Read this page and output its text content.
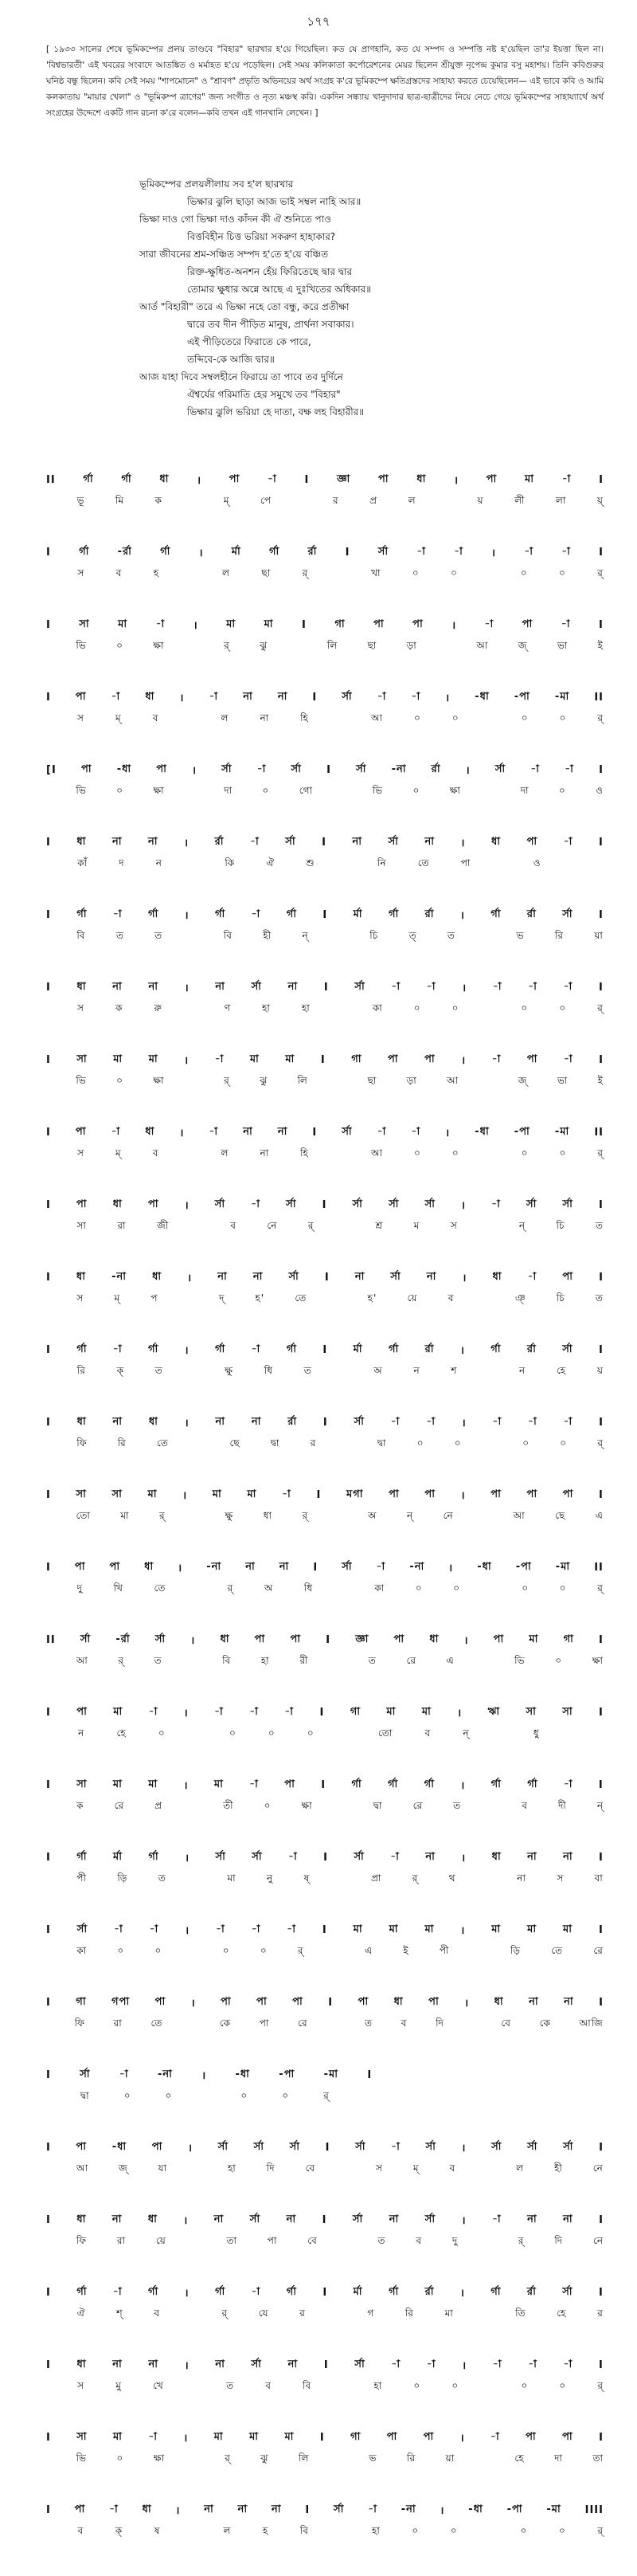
১৭৭
[ ১৯৩৩ সালের শেষে ভূমিকম্পের প্রলয় তাণ্ডবে "বিহার" ছারখার হ'য়ে গিয়েছিল। কত যে প্রাণহানি, কত যে সম্পদ ও সম্পত্তি নষ্ট হ'য়েছিল তা'র ইয়ত্তা ছিল না। 'বিশ্বভারতী' এই খবরের সংবাদে আতঙ্কিত ও মর্মাহত হ'য়ে পড়েছিল। সেই সময় কলিকাতা কর্পোরেশনের মেয়র ছিলেন শ্রীযুক্ত নৃপেন্দ্র কুমার বসু মহাশয়। তিনি কবিগুরুর ঘনিষ্ঠ বন্ধু ছিলেন। কবি সেই সময় "শাপমোচন" ও "শ্রাবণ" প্রভৃতি অভিনয়ের অর্থ সংগ্রহ ক'রে ভূমিকম্পে ক্ষতিগ্রস্তদের সাহায্য করতে চেয়েছিলেন— এই ভাবে কবি ও আমি কলকাতায় "মায়ার খেলা" ও "ভূমিকম্প ত্রাণের" জন্য সংগীত ও নৃত্য মঞ্চস্থ করি। একদিন সন্ধ্যায় খানুদাদার ছাত্র-ছাত্রীদের নিয়ে নেচে গেয়ে ভূমিকম্পের সাহায্যার্থে অর্থ সংগ্রহের উদ্দেশে একটি গান রচনা ক'রে বলেন—কবি তখন এই গানখানি লেখেন। ]
ভূমিকম্পের প্রলয়লীলায় সব হ'ল ছারখার
ভিক্ষার ঝুলি ছাড়া আজ ভাই সম্বল নাহি আর॥
ভিক্ষা দাও গো ভিক্ষা দাও কাঁদন কী ঐ শুনিতে পাও
বিত্তবিহীন চিত্ত ভরিয়া সকরুণ হাহাকার?
সারা জীবনের শ্রম-সঞ্চিত সম্পদ হ'তে হ'য়ে বঞ্চিত
রিক্ত-ক্ষুধিত-অনশন হেঁয় ফিরিতেছে দ্বার দ্বার
তোমার ক্ষুধার অন্নে আছে এ দুঃখিতের অধিকার॥
আর্ত "বিহারী" তরে এ ভিক্ষা নহে তো বন্ধু, করে প্রতীক্ষা
দ্বারে তব দীন পীড়িত মানুষ, প্রার্থনা সবাকার।
এই পীড়িতেরে ফিরাতে কে পারে,
তব্দিবে-কে আজি দ্বার॥
আজ যাহা দিবে সম্বলহীনে ফিরায়ে তা পাবে তব দুর্দিনে
ঐশ্বর্যের গরিমাতি হের সমুখে তব "বিহার"
ভিক্ষার ঝুলি ভরিয়া হে দাতা, বক্ষ লহ বিহারীর॥
II	র্গা	র্গা	ধা	।	পা	-া	I	জ্ঞা	পা	ধা	।	পা	মা	-া	I
ভূ	মি	ক	ম্	পে	র	প্র	ল	য়	লী	লা	য়্
I	র্গা	-র্রা	র্গা	।	র্মা	র্গা	র্রা	I	র্সা	-া	-া	।	-া	-া	I
স	ব	হ	ল	ছা	র্	খা	০	০	০	০	র্
I	সা	মা	-া	।	মা	মা	I	গা	পা	পা	।	-া	পা	-া	I
ভি	০	ক্ষা	র্	ঝু	লি	ছা	ড়া	আ	জ্	ভা	ই
I পা -া ধা । -া না না I র্সা -া -া । -ধা -পা -মা II
স	ম্	ব	ল	না	হি	আ	০	০	০	০	র্
[I পা -ধা পা । র্সা -া র্সা I র্সা -না র্রা । র্সা -া -া I
ভি	০	ক্ষা	দা	০	গো	ভি	০	ক্ষা	দা	০	ও
I	ধা	না	না	।	র্রা	-া	র্সা	I	না	র্সা	না	।	ধা	পা	-া	I
কাঁ	দ	ন	কি	ঐ	শু	নি	তে	পা	ও
I র্গা -া র্গা । র্গা -া র্গা I র্মা র্গা র্রা । র্গা র্রা র্সা I
বি	ত	ত	বি	হী	ন্	চি	ত্	ত	ভ	রি	য়া
I	ধা	না	না	।	না	র্সা	না	I	র্সা	-া	-া	।	-া	-া	-া	I
স	ক	রু	ণ	হা	হা	কা	০	০	০	০	র্
I	সা	মা	মা	।	-া	মা	মা	I	গা	পা	পা	।	-া	পা	-া	I
ভি	০	ক্ষা	র্	ঝু	লি	ছা	ড়া	আ	জ্	ভা	ই
I পা -া ধা । -া না না I র্সা -া -া । -ধা -পা -মা II
স	ম্	ব	ল	না	হি	আ	০	০	০	০	র্
I পা ধা পা । র্সা -া র্সা I র্সা র্সা র্সা । -া র্সা র্সা I
সা	রা	জী	ব	নে	র্	শ্র	ম	স	ন্	চি	ত
I ধা -না ধা । না না র্সা I না র্সা না । ধা -া পা I
স	ম্	প	দ্	হ'	তে	হ'	য়ে	ব	ঞ্	চি	ত
I র্গা -া র্গা । র্গা -া র্গা I র্মা র্গা র্রা । র্গা র্রা র্সা I
রি	ক্	ত	ক্ষু	ধি	ত	অ	ন	শ	ন	হে	য়
I	ধা	না	ধা	।	না	না	র্রা	I	র্সা	-া	-া	।	-া	-া	-া	I
ফি	রি	তে	ছে	দ্বা	র	দ্বা	০	০	০	০	র্
I সা সা মা । মা মা -া I মগা পা পা । পা পা পা I
তো	মা	র্	ক্ষু	ধা	র্	অ	ন্	নে	আ	ছে	এ
I পা পা ধা । -না না না I র্সা -া -না । -ধা -পা -মা II
দু	খি	তে	র্	অ	ধি	কা	০	০	০	০	র্
II র্সা -র্রা র্সা । ধা পা পা I জ্ঞা পা ধা । পা মা গা I
আ	র্	ত	বি	হা	রী	ত	রে	এ	ভি	০	ক্ষা
I পা মা -া । -া -া -া I গা মা মা । ঋা সা সা I
ন	হে	০	০	০	০	তো	ব	ন্	ধু
I সা মা মা । মা -া পা I র্গা র্গা র্গা । র্গা র্গা -া I
ক	রে	প্র	তী	০	ক্ষা	দ্বা	রে	ত	ব	দী	ন্
I র্গা র্মা র্গা । র্সা র্সা -া I র্সা -া না । ধা না না I
পী	ড়ি	ত	মা	নু	ষ্	প্রা	র্	থ	না	স	বা
I	র্সা	-া	-া	।	-া	-া	-া	I	মা	মা	মা	।	মা	মা	মা	I
কা	০	০	০	০	র্	এ	ই	পী	ড়ি	তে	রে
I গা গপা পা । পা পা পা I পা ধা পা । ধা না না I
ফি	রা	তে	কে	পা	রে	ত	ব	দি	বে	কে	আজি
I	র্সা	-া	-না	।	-ধা	-পা	-মা	I
দ্বা	০	০	০	০	র্
I পা -ধা পা । র্সা র্সা র্সা I র্সা -া র্সা । র্সা র্সা র্সা I
আ	জ্	যা	হা	দি	বে	স	ম্	ব	ল	হী	নে
I ধা না ধা । না র্সা না I র্সা না র্সা । -া না না I
ফি	রা	য়ে	তা	পা	বে	ত	ব	দু	র্	দি	নে
I র্গা -া র্গা । র্গা -া র্গা I র্মা র্গা র্রা । র্গা র্রা র্সা I
ঐ	শ্	ব	র্	যে	র	গ	রি	মা	তি	হে	র
I	ধা	না	না	।	না	র্সা	না	I	র্সা	-া	-া	।	-া	-া	-া	I
স	মু	খে	ত	ব	বি	হা	০	০	০	০	র্
I সা মা -া । মা মা মা I গা পা পা । -া পা পা I
ভি	০	ক্ষা	র্	ঝু	লি	ভ	রি	য়া	হে	দা	তা
I পা -া ধা । না না না I র্সা -া -না । -ধা -পা -মা IIII
ব	ক্	ষ	ল	হ	বি	হা	০	০	০	০	র্
